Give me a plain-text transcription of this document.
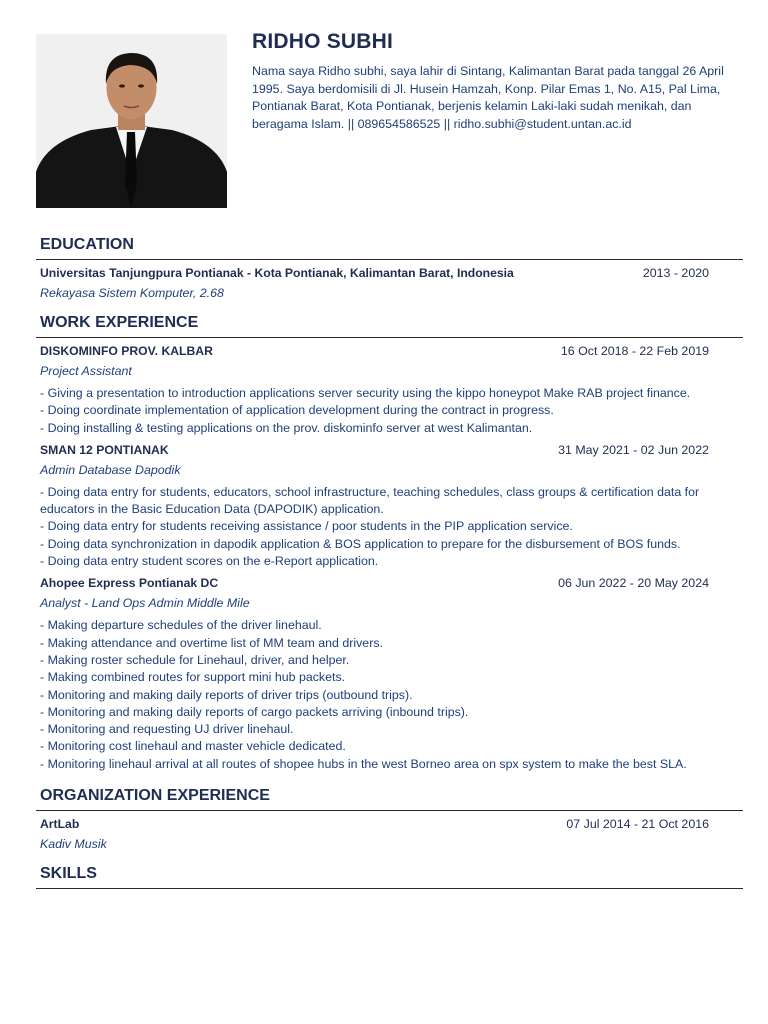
RIDHO SUBHI

Nama saya Ridho subhi, saya lahir di Sintang, Kalimantan Barat pada tanggal 26 April 1995. Saya berdomisili di Jl. Husein Hamzah, Konp. Pilar Emas 1, No. A15, Pal Lima, Pontianak Barat, Kota Pontianak, berjenis kelamin Laki-laki sudah menikah, dan beragama Islam. || 089654586525 || ridho.subhi@student.untan.ac.id

EDUCATION
Universitas Tanjungpura Pontianak - Kota Pontianak, Kalimantan Barat, Indonesia	2013 - 2020
Rekayasa Sistem Komputer, 2.68
WORK EXPERIENCE
DISKOMINFO PROV. KALBAR	16 Oct 2018 - 22 Feb 2019
Project Assistant
- Giving a presentation to introduction applications server security using the kippo honeypot Make RAB project finance.
- Doing coordinate implementation of application development during the contract in progress.
- Doing installing & testing applications on the prov. diskominfo server at west Kalimantan.
SMAN 12 PONTIANAK	31 May 2021 - 02 Jun 2022
Admin Database Dapodik
- Doing data entry for students, educators, school infrastructure, teaching schedules, class groups & certification data for educators in the Basic Education Data (DAPODIK) application.
- Doing data entry for students receiving assistance / poor students in the PIP application service.
- Doing data synchronization in dapodik application & BOS application to prepare for the disbursement of BOS funds.
- Doing data entry student scores on the e-Report application.
Ahopee Express Pontianak DC	06 Jun 2022 - 20 May 2024
Analyst - Land Ops Admin Middle Mile
- Making departure schedules of the driver linehaul.
- Making attendance and overtime list of MM team and drivers.
- Making roster schedule for Linehaul, driver, and helper.
- Making combined routes for support mini hub packets.
- Monitoring and making daily reports of driver trips (outbound trips).
- Monitoring and making daily reports of cargo packets arriving (inbound trips).
- Monitoring and requesting UJ driver linehaul.
- Monitoring cost linehaul and master vehicle dedicated.
- Monitoring linehaul arrival at all routes of shopee hubs in the west Borneo area on spx system to make the best SLA.
ORGANIZATION EXPERIENCE
ArtLab	07 Jul 2014 - 21 Oct 2016
Kadiv Musik
SKILLS
